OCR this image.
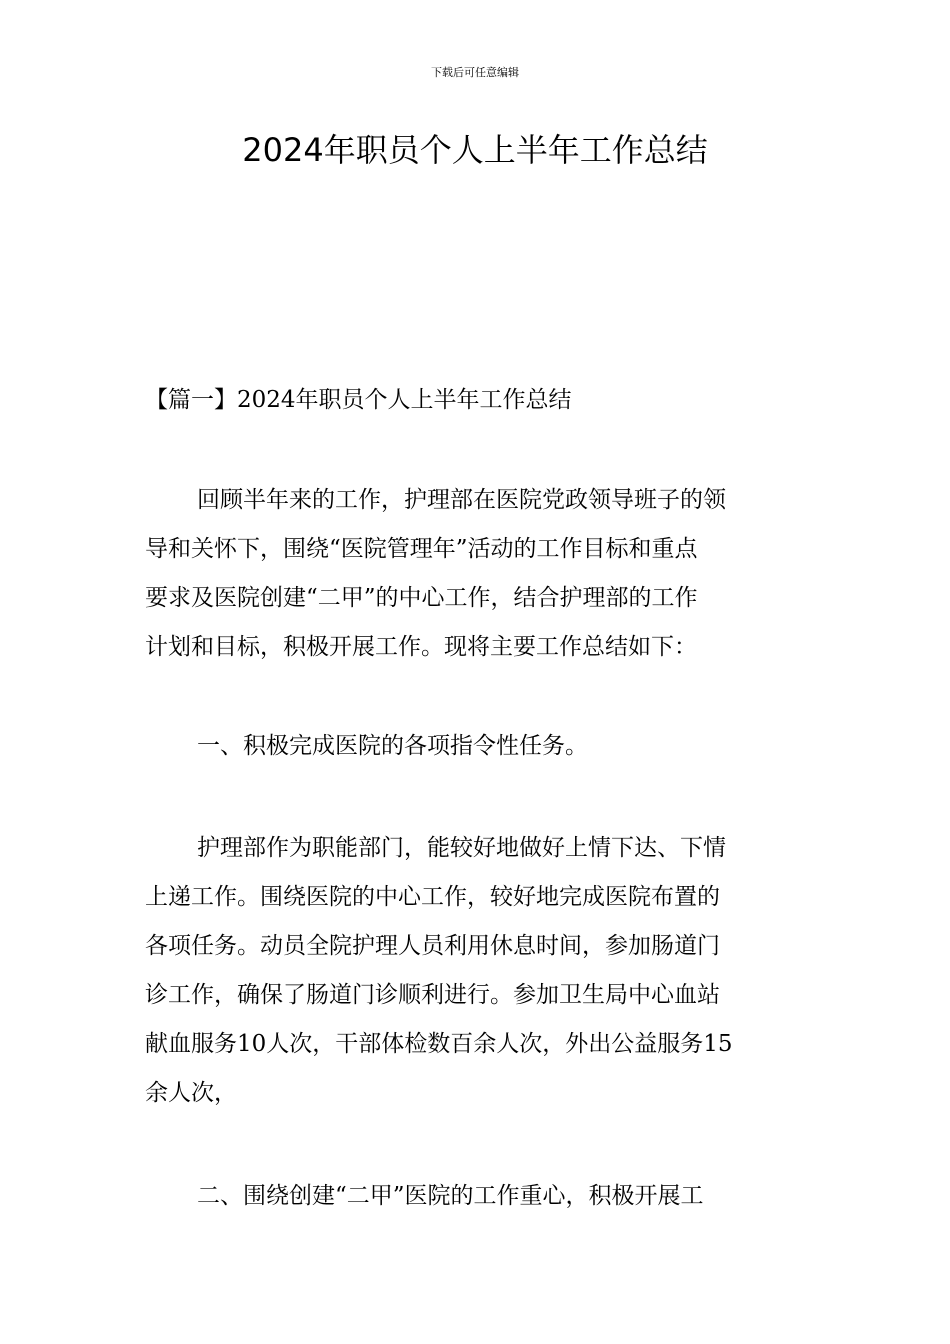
下载后可任意编辑
2024年职员个人上半年工作总结

【篇一】2024年职员个人上半年工作总结

回顾半年来的工作，护理部在医院党政领导班子的领
导和关怀下，围绕“医院管理年”活动的工作目标和重点
要求及医院创建“二甲”的中心工作，结合护理部的工作
计划和目标，积极开展工作。现将主要工作总结如下：

一、积极完成医院的各项指令性任务。

护理部作为职能部门，能较好地做好上情下达、下情
上递工作。围绕医院的中心工作，较好地完成医院布置的
各项任务。动员全院护理人员利用休息时间，参加肠道门
诊工作，确保了肠道门诊顺利进行。参加卫生局中心血站
献血服务10人次，干部体检数百余人次，外出公益服务15
余人次，

二、围绕创建“二甲”医院的工作重心，积极开展工
